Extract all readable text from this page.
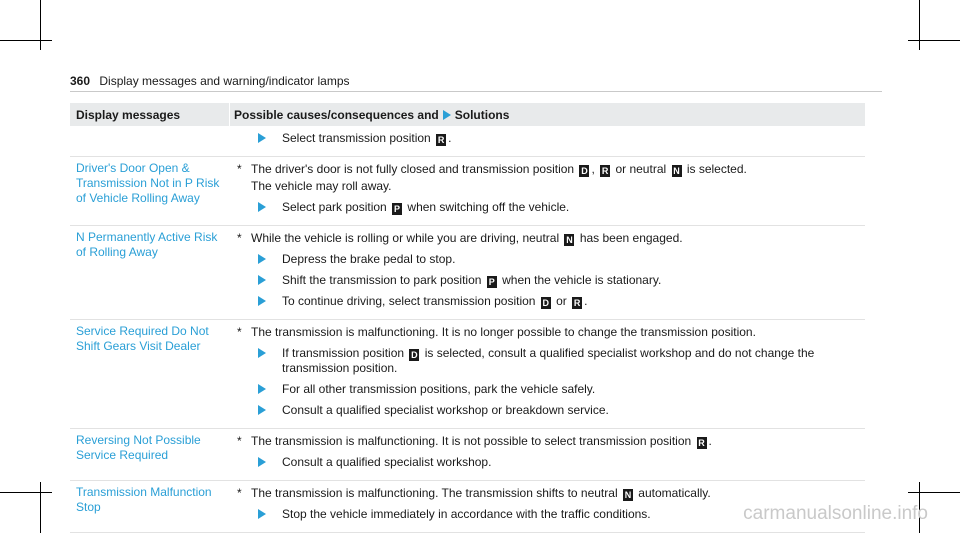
360 Display messages and warning/indicator lamps
Display messages	Possible causes/consequences and Solutions
Select transmission position R .
Driver's Door Open & Transmission Not in P Risk of Vehicle Rolling Away
* The driver's door is not fully closed and transmission position D , R or neutral N is selected.
The vehicle may roll away.
Select park position P when switching off the vehicle.
N Permanently Active Risk of Rolling Away
* While the vehicle is rolling or while you are driving, neutral N has been engaged.
Depress the brake pedal to stop.
Shift the transmission to park position P when the vehicle is stationary.
To continue driving, select transmission position D or R .
Service Required Do Not Shift Gears Visit Dealer
* The transmission is malfunctioning. It is no longer possible to change the transmission position.
If transmission position D is selected, consult a qualified specialist workshop and do not change the transmission position.
For all other transmission positions, park the vehicle safely.
Consult a qualified specialist workshop or breakdown service.
Reversing Not Possible Service Required
* The transmission is malfunctioning. It is not possible to select transmission position R .
Consult a qualified specialist workshop.
Transmission Malfunction Stop
* The transmission is malfunctioning. The transmission shifts to neutral N automatically.
Stop the vehicle immediately in accordance with the traffic conditions.	carmanualsonline.info
